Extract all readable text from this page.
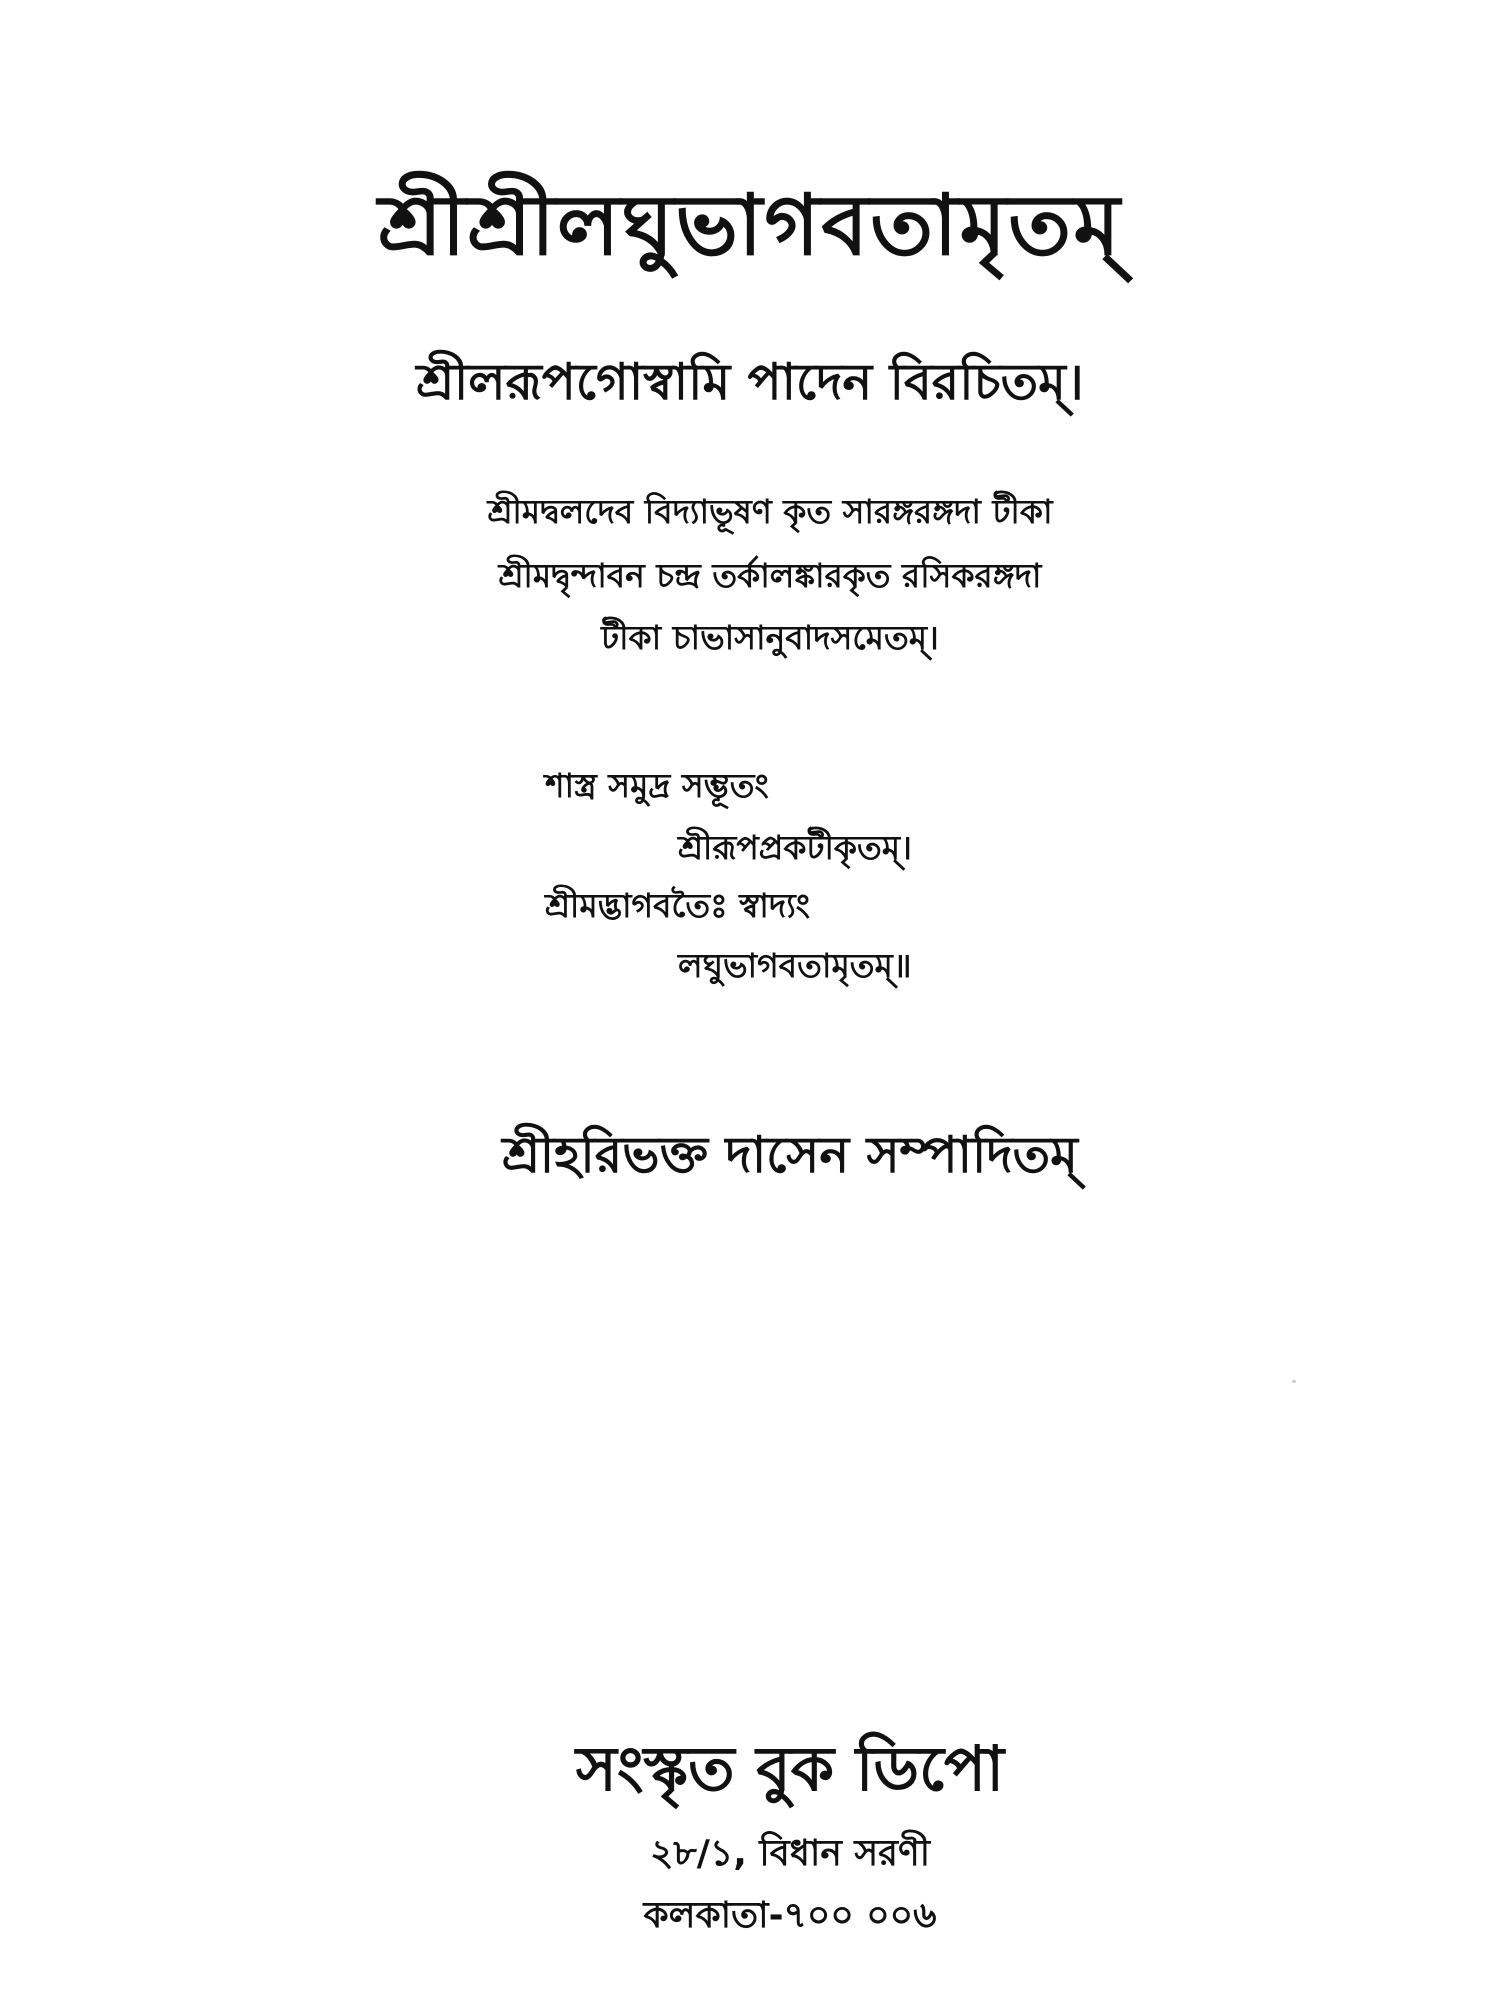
শ্রীশ্রীলঘুভাগবতামৃতম্
শ্রীলরূপগোস্বামি পাদেন বিরচিতম্।
শ্রীমদ্বলদেব বিদ্যাভূষণ কৃত সারঙ্গরঙ্গদা টীকা
শ্রীমদ্বৃন্দাবন চন্দ্র তর্কালঙ্কারকৃত রসিকরঙ্গদা
টীকা চাভাসানুবাদসমেতম্।
শাস্ত্র সমুদ্র সম্ভূতং
শ্রীরূপপ্রকটীকৃতম্।
শ্রীমদ্ভাগবতৈঃ স্বাদ্যং
লঘুভাগবতামৃতম্॥
শ্রীহরিভক্ত দাসেন সম্পাদিতম্
সংস্কৃত বুক ডিপো
২৮/১, বিধান সরণী
কলকাতা-৭০০ ০০৬
